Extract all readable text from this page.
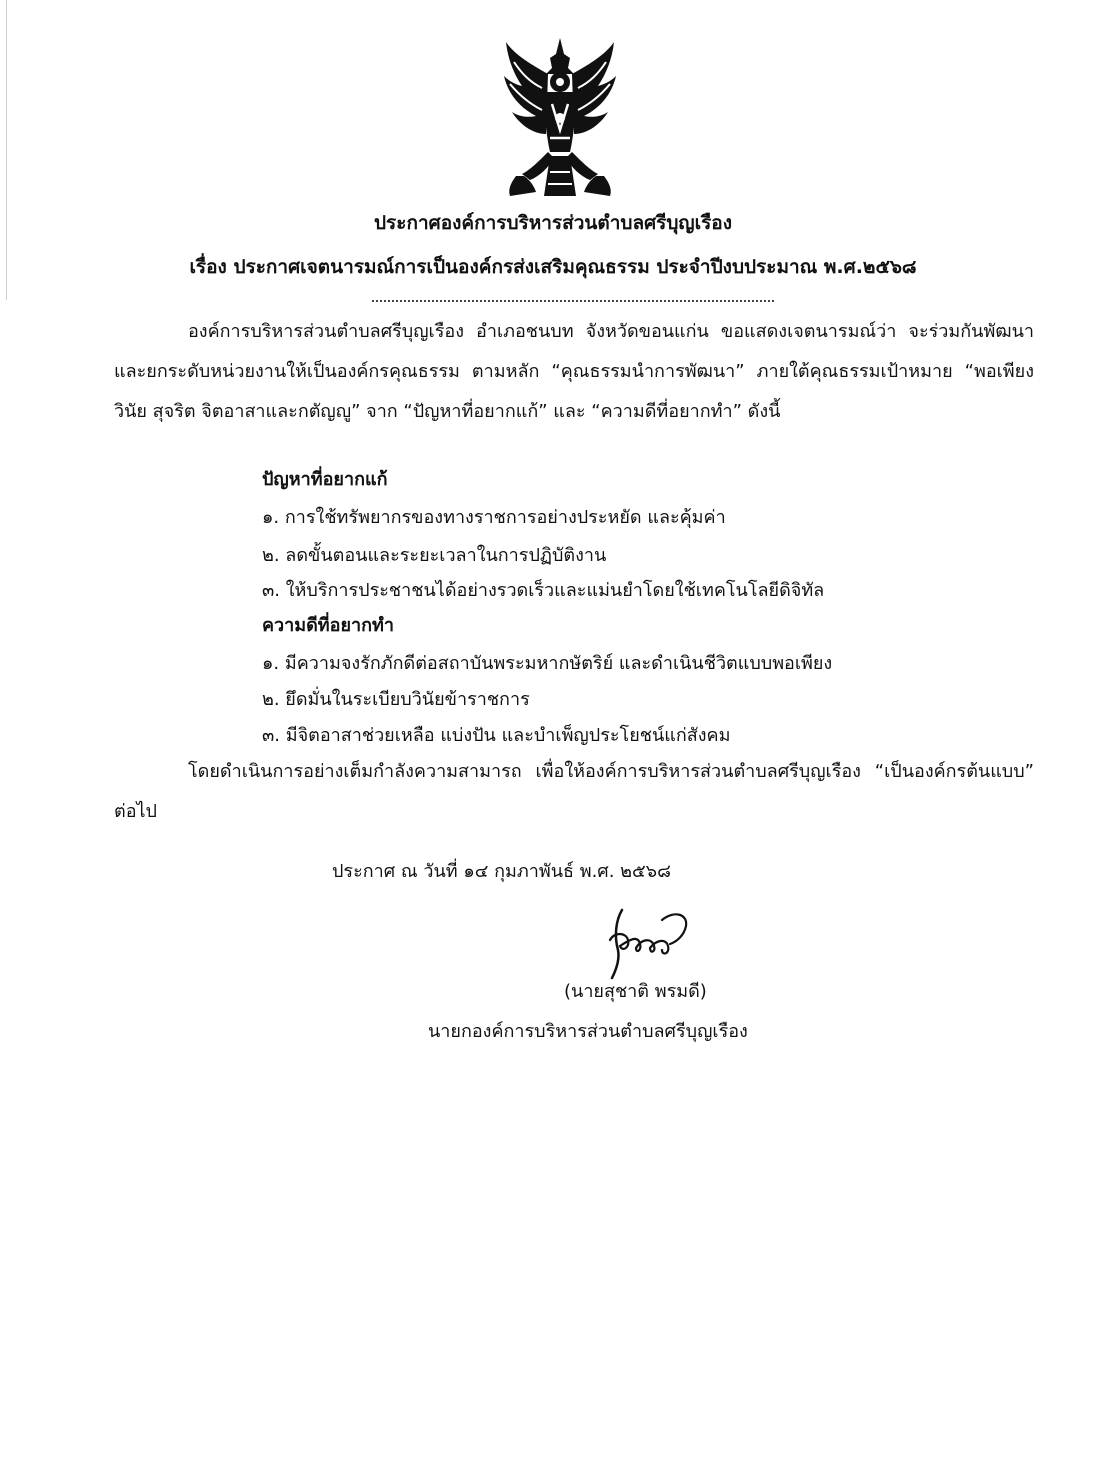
ประกาศองค์การบริหารส่วนตำบลศรีบุญเรือง
เรื่อง ประกาศเจตนารมณ์การเป็นองค์กรส่งเสริมคุณธรรม ประจำปีงบประมาณ พ.ศ.๒๕๖๘
องค์การบริหารส่วนตำบลศรีบุญเรือง อำเภอชนบท จังหวัดขอนแก่น ขอแสดงเจตนารมณ์ว่า จะร่วมกันพัฒนาและยกระดับหน่วยงานให้เป็นองค์กรคุณธรรม ตามหลัก “คุณธรรมนำการพัฒนา” ภายใต้คุณธรรมเป้าหมาย “พอเพียง วินัย สุจริต จิตอาสาและกตัญญู” จาก “ปัญหาที่อยากแก้” และ “ความดีที่อยากทำ” ดังนี้
ปัญหาที่อยากแก้
๑. การใช้ทรัพยากรของทางราชการอย่างประหยัด และคุ้มค่า
๒. ลดขั้นตอนและระยะเวลาในการปฏิบัติงาน
๓. ให้บริการประชาชนได้อย่างรวดเร็วและแม่นยำโดยใช้เทคโนโลยีดิจิทัล
ความดีที่อยากทำ
๑. มีความจงรักภักดีต่อสถาบันพระมหากษัตริย์ และดำเนินชีวิตแบบพอเพียง
๒. ยึดมั่นในระเบียบวินัยข้าราชการ
๓. มีจิตอาสาช่วยเหลือ แบ่งปัน และบำเพ็ญประโยชน์แก่สังคม
โดยดำเนินการอย่างเต็มกำลังความสามารถ เพื่อให้องค์การบริหารส่วนตำบลศรีบุญเรือง “เป็นองค์กรต้นแบบ” ต่อไป
ประกาศ ณ วันที่ ๑๔ กุมภาพันธ์ พ.ศ. ๒๕๖๘
(นายสุชาติ พรมดี)
นายกองค์การบริหารส่วนตำบลศรีบุญเรือง
